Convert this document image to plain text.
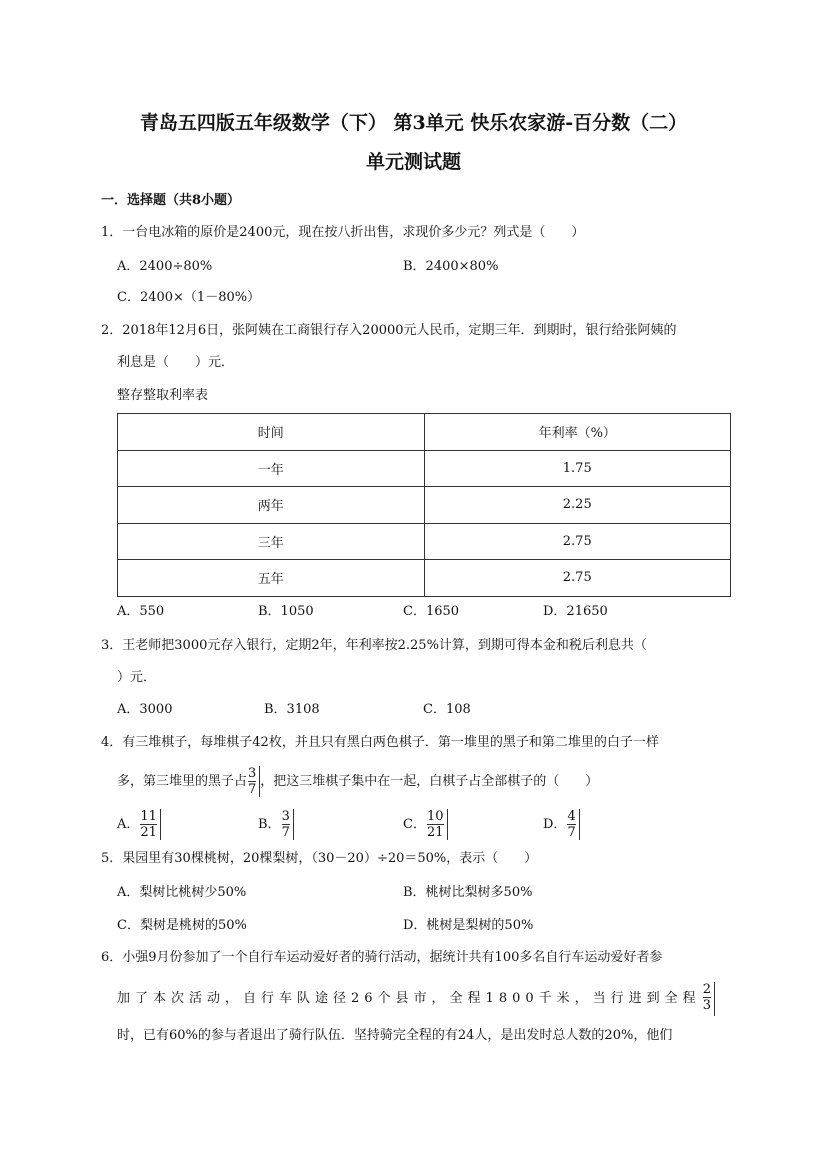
青岛五四版五年级数学（下） 第3单元 快乐农家游-百分数（二）
单元测试题
一．选择题（共8小题）
1．一台电冰箱的原价是2400元，现在按八折出售，求现价多少元？列式是（　　）
A．2400÷80%	B．2400×80%
C．2400×（1－80%）
2．2018年12月6日，张阿姨在工商银行存入20000元人民币，定期三年．到期时，银行给张阿姨的
利息是（　　）元．
整存整取利率表
时间	年利率（%）
一年	1.75
两年	2.25
三年	2.75
五年	2.75
A．550	B．1050	C．1650	D．21650
3．王老师把3000元存入银行，定期2年，年利率按2.25%计算，到期可得本金和税后利息共（
）元．
A．3000	B．3108	C．108
4．有三堆棋子，每堆棋子42枚，并且只有黑白两色棋子．第一堆里的黑子和第二堆里的白子一样
多，第三堆里的黑子占 $\frac{3}{7}$ ，把这三堆棋子集中在一起，白棋子占全部棋子的（　　）
A． $\frac{11}{21}$	B． $\frac{3}{7}$	C． $\frac{10}{21}$	D． $\frac{4}{7}$
5．果园里有30棵桃树，20棵梨树，（30－20）÷20＝50%，表示（　　）
A．梨树比桃树少50%	B．桃树比梨树多50%
C．梨树是桃树的50%	D．桃树是梨树的50%
6．小强9月份参加了一个自行车运动爱好者的骑行活动，据统计共有100多名自行车运动爱好者参
加了本次活动，自行车队途径26个县市，全程1800千米，当行进到全程 $\frac{2}{3}$
时，已有60%的参与者退出了骑行队伍．坚持骑完全程的有24人，是出发时总人数的20%，他们
